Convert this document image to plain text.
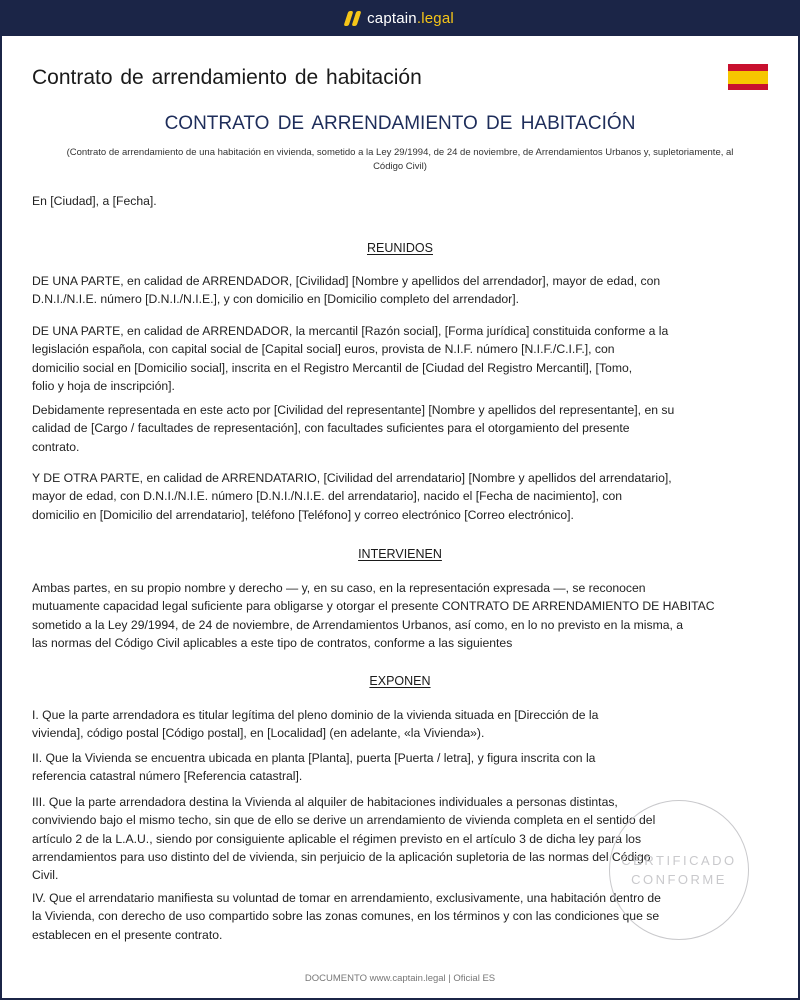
captain.legal
Contrato de arrendamiento de habitación
CONTRATO DE ARRENDAMIENTO DE HABITACIÓN
(Contrato de arrendamiento de una habitación en vivienda, sometido a la Ley 29/1994, de 24 de noviembre, de Arrendamientos Urbanos y, supletoriamente, al
Código Civil)
En [Ciudad], a [Fecha].
REUNIDOS
DE UNA PARTE, en calidad de ARRENDADOR, [Civilidad] [Nombre y apellidos del arrendador], mayor de edad, con
D.N.I./N.I.E. número [D.N.I./N.I.E.], y con domicilio en [Domicilio completo del arrendador].
DE UNA PARTE, en calidad de ARRENDADOR, la mercantil [Razón social], [Forma jurídica] constituida conforme a la
legislación española, con capital social de [Capital social] euros, provista de N.I.F. número [N.I.F./C.I.F.], con
domicilio social en [Domicilio social], inscrita en el Registro Mercantil de [Ciudad del Registro Mercantil], [Tomo,
folio y hoja de inscripción].
Debidamente representada en este acto por [Civilidad del representante] [Nombre y apellidos del representante], en su
calidad de [Cargo / facultades de representación], con facultades suficientes para el otorgamiento del presente
contrato.
Y DE OTRA PARTE, en calidad de ARRENDATARIO, [Civilidad del arrendatario] [Nombre y apellidos del arrendatario],
mayor de edad, con D.N.I./N.I.E. número [D.N.I./N.I.E. del arrendatario], nacido el [Fecha de nacimiento], con
domicilio en [Domicilio del arrendatario], teléfono [Teléfono] y correo electrónico [Correo electrónico].
INTERVIENEN
Ambas partes, en su propio nombre y derecho — y, en su caso, en la representación expresada —, se reconocen
mutuamente capacidad legal suficiente para obligarse y otorgar el presente CONTRATO DE ARRENDAMIENTO DE HABITAC
sometido a la Ley 29/1994, de 24 de noviembre, de Arrendamientos Urbanos, así como, en lo no previsto en la misma, a
las normas del Código Civil aplicables a este tipo de contratos, conforme a las siguientes
EXPONEN
I. Que la parte arrendadora es titular legítima del pleno dominio de la vivienda situada en [Dirección de la
vivienda], código postal [Código postal], en [Localidad] (en adelante, «la Vivienda»).
II. Que la Vivienda se encuentra ubicada en planta [Planta], puerta [Puerta / letra], y figura inscrita con la
referencia catastral número [Referencia catastral].
III. Que la parte arrendadora destina la Vivienda al alquiler de habitaciones individuales a personas distintas,
conviviendo bajo el mismo techo, sin que de ello se derive un arrendamiento de vivienda completa en el sentido del
artículo 2 de la L.A.U., siendo por consiguiente aplicable el régimen previsto en el artículo 3 de dicha ley para los
arrendamientos para uso distinto del de vivienda, sin perjuicio de la aplicación supletoria de las normas del Código
Civil.
IV. Que el arrendatario manifiesta su voluntad de tomar en arrendamiento, exclusivamente, una habitación dentro de
la Vivienda, con derecho de uso compartido sobre las zonas comunes, en los términos y con las condiciones que se
establecen en el presente contrato.
CERTIFICADO
CONFORME
DOCUMENTO www.captain.legal | Oficial ES
